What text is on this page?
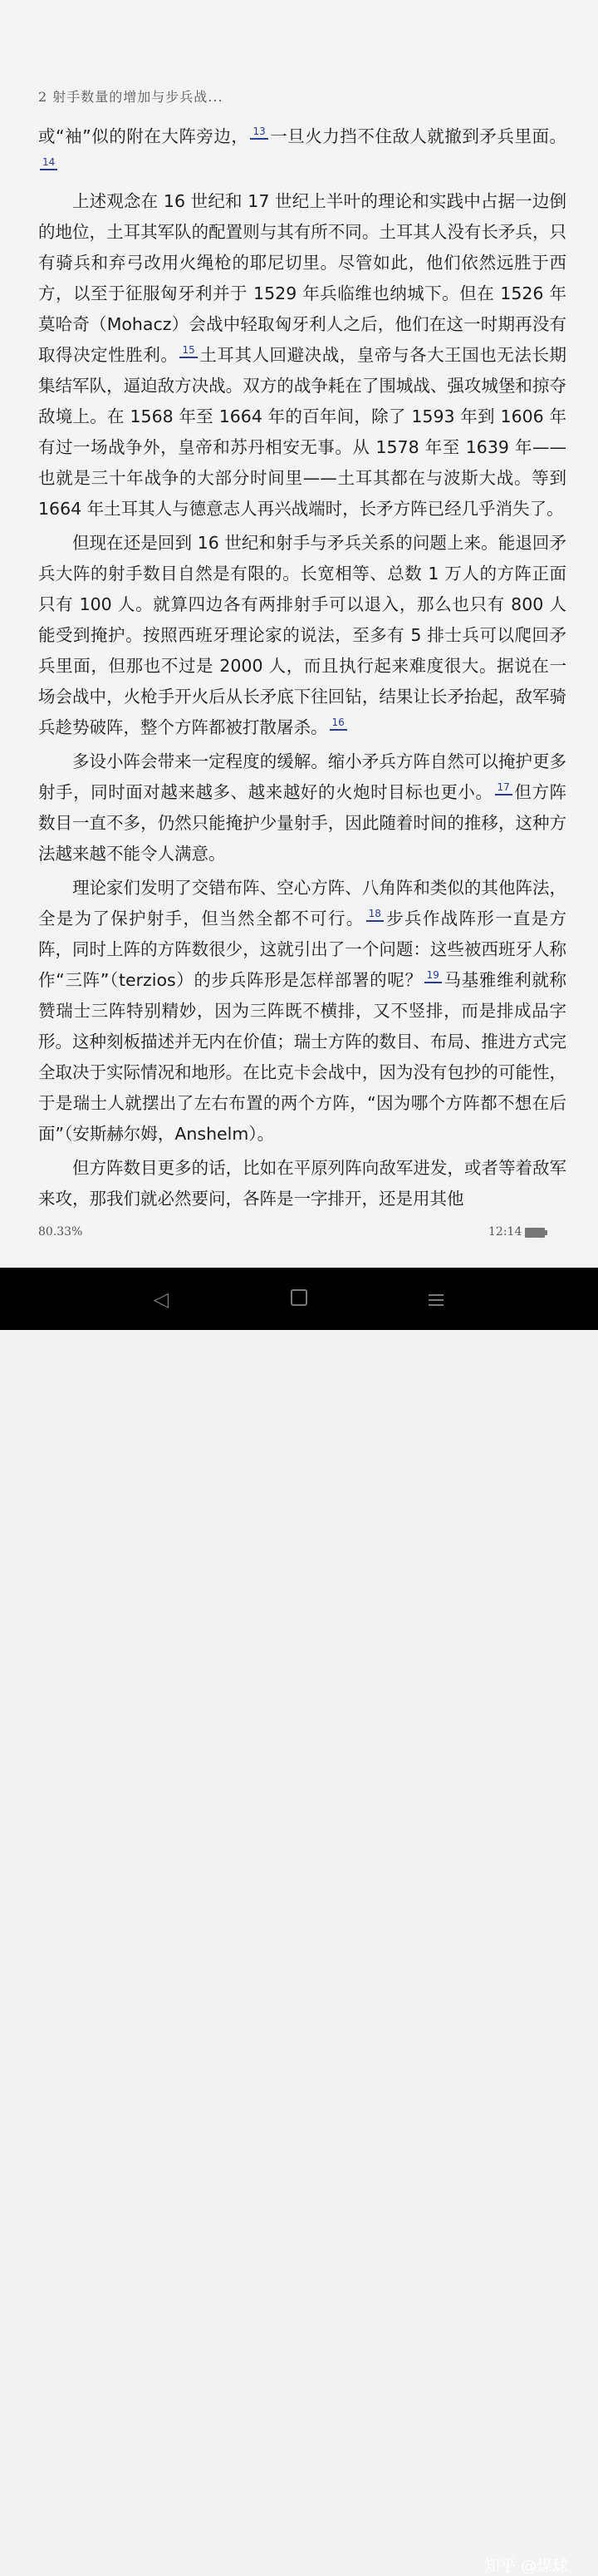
2 射手数量的增加与步兵战...

或“袖”似的附在大阵旁边， 13 一旦火力挡不住敌人就撤到矛兵里面。14

上述观念在 16 世纪和 17 世纪上半叶的理论和实践中占据一边倒的地位，土耳其军队的配置则与其有所不同。土耳其人没有长矛兵，只有骑兵和弃弓改用火绳枪的耶尼切里。尽管如此，他们依然远胜于西方，以至于征服匈牙利并于 1529 年兵临维也纳城下。但在 1526 年莫哈奇（Mohacz）会战中轻取匈牙利人之后，他们在这一时期再没有取得决定性胜利。 15 土耳其人回避决战，皇帝与各大王国也无法长期集结军队，逼迫敌方决战。双方的战争耗在了围城战、强攻城堡和掠夺敌境上。在 1568 年至 1664 年的百年间，除了 1593 年到 1606 年有过一场战争外，皇帝和苏丹相安无事。从 1578 年至 1639 年——也就是三十年战争的大部分时间里——土耳其都在与波斯大战。等到 1664 年土耳其人与德意志人再兴战端时，长矛方阵已经几乎消失了。

但现在还是回到 16 世纪和射手与矛兵关系的问题上来。能退回矛兵大阵的射手数目自然是有限的。长宽相等、总数 1 万人的方阵正面只有 100 人。就算四边各有两排射手可以退入，那么也只有 800 人能受到掩护。按照西班牙理论家的说法，至多有 5 排士兵可以爬回矛兵里面，但那也不过是 2000 人，而且执行起来难度很大。据说在一场会战中，火枪手开火后从长矛底下往回钻，结果让长矛抬起，敌军骑兵趁势破阵，整个方阵都被打散屠杀。 16

多设小阵会带来一定程度的缓解。缩小矛兵方阵自然可以掩护更多射手，同时面对越来越多、越来越好的火炮时目标也更小。 17 但方阵数目一直不多，仍然只能掩护少量射手，因此随着时间的推移，这种方法越来越不能令人满意。

理论家们发明了交错布阵、空心方阵、八角阵和类似的其他阵法，全是为了保护射手，但当然全都不可行。 18 步兵作战阵形一直是方阵，同时上阵的方阵数很少，这就引出了一个问题：这些被西班牙人称作“三阵”（terzios）的步兵阵形是怎样部署的呢？ 19 马基雅维利就称赞瑞士三阵特别精妙，因为三阵既不横排，又不竖排，而是排成品字形。这种刻板描述并无内在价值；瑞士方阵的数目、布局、推进方式完全取决于实际情况和地形。在比克卡会战中，因为没有包抄的可能性，于是瑞士人就摆出了左右布置的两个方阵，“因为哪个方阵都不想在后面”（安斯赫尔姆，Anshelm）。

但方阵数目更多的话，比如在平原列阵向敌军进发，或者等着敌军来攻，那我们就必然要问，各阵是一字排开，还是用其他

80.33%	12:14
◁
知乎 @煤球
